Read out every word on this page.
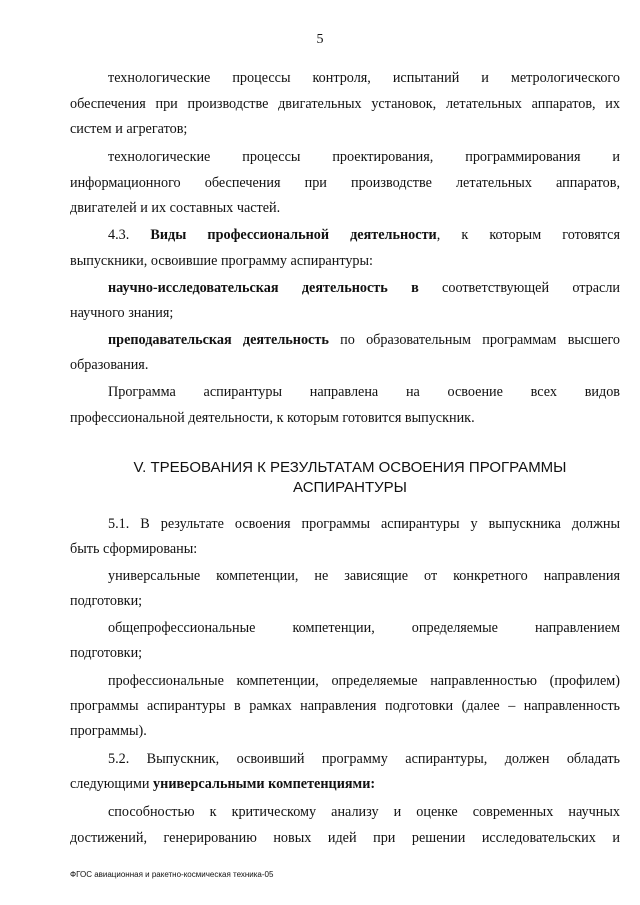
5
технологические процессы контроля, испытаний и метрологического
обеспечения при производстве двигательных установок, летательных аппаратов, их
систем и агрегатов;
технологические процессы проектирования, программирования и
информационного обеспечения при производстве летательных аппаратов,
двигателей и их составных частей.
4.3. Виды профессиональной деятельности, к которым готовятся
выпускники, освоившие программу аспирантуры:
научно-исследовательская деятельность в соответствующей отрасли
научного знания;
преподавательская деятельность по образовательным программам высшего
образования.
Программа аспирантуры направлена на освоение всех видов
профессиональной деятельности, к которым готовится выпускник.
V. ТРЕБОВАНИЯ К РЕЗУЛЬТАТАМ ОСВОЕНИЯ ПРОГРАММЫ
АСПИРАНТУРЫ
5.1. В результате освоения программы аспирантуры у выпускника должны
быть сформированы:
универсальные компетенции, не зависящие от конкретного направления
подготовки;
общепрофессиональные компетенции, определяемые направлением
подготовки;
профессиональные компетенции, определяемые направленностью (профилем)
программы аспирантуры в рамках направления подготовки (далее – направленность
программы).
5.2. Выпускник, освоивший программу аспирантуры, должен обладать
следующими универсальными компетенциями:
способностью к критическому анализу и оценке современных научных
достижений, генерированию новых идей при решении исследовательских и
ФГОС авиационная и ракетно-космическая техника-05
